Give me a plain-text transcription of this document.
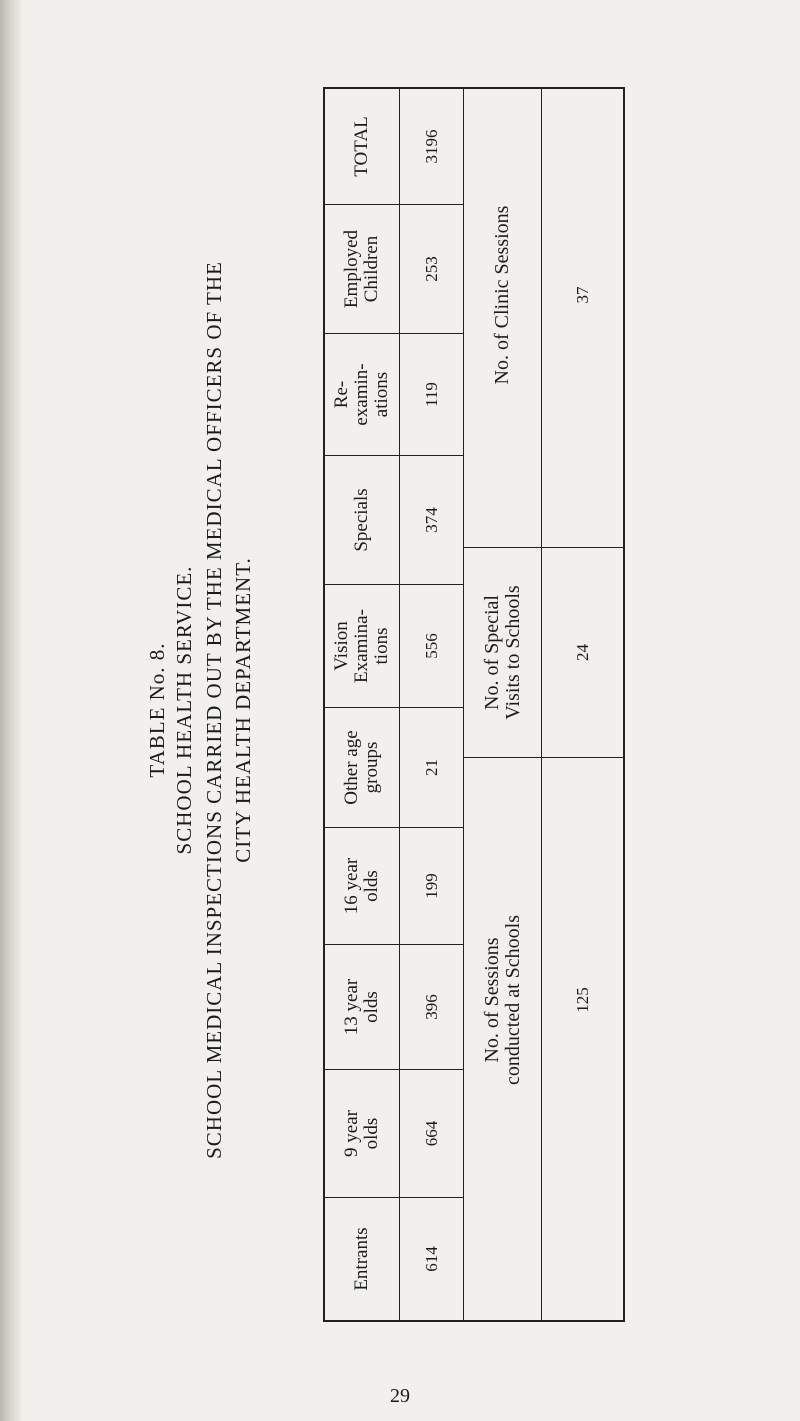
TABLE No. 8. SCHOOL HEALTH SERVICE. SCHOOL MEDICAL INSPECTIONS CARRIED OUT BY THE MEDICAL OFFICERS OF THE CITY HEALTH DEPARTMENT.
Entrants
9 year olds
13 year olds
16 year olds
Other age groups
Vision Examina-tions
Specials
Re-examin-ations
Employed Children
TOTAL
614
664
396
199
21
556
374
119
253
3196
No. of Sessions conducted at Schools
No. of Special Visits to Schools
No. of Clinic Sessions
125
24
37
29
